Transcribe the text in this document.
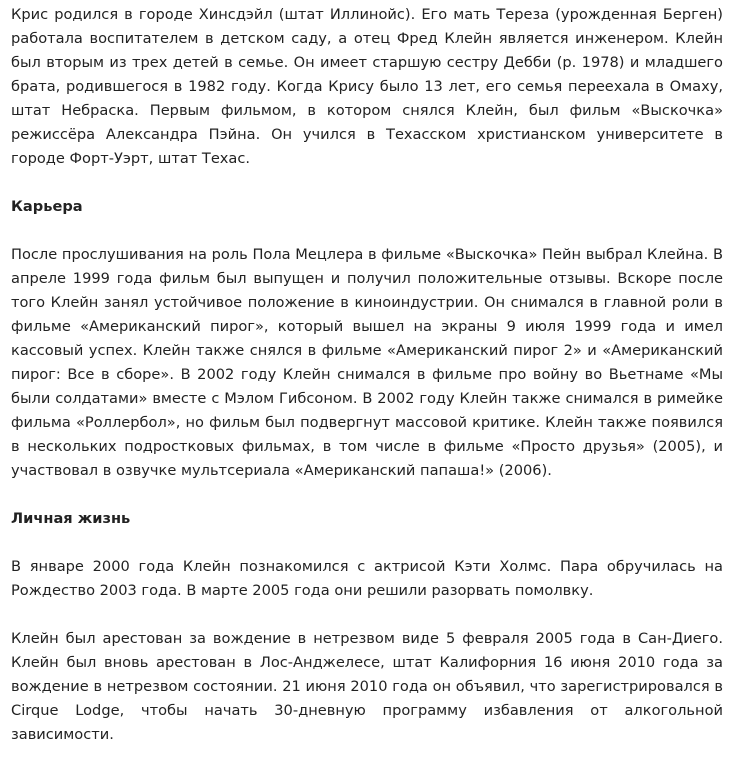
Крис родился в городе Хинсдэйл (штат Иллинойс). Его мать Тереза (урожденная Берген) работала воспитателем в детском саду, а отец Фред Клейн является инженером. Клейн был вторым из трех детей в семье. Он имеет старшую сестру Дебби (р. 1978) и младшего брата, родившегося в 1982 году. Когда Крису было 13 лет, его семья переехала в Омаху, штат Небраска. Первым фильмом, в котором снялся Клейн, был фильм «Выскочка» режиссёра Александра Пэйна. Он учился в Техасском христианском университете в городе Форт-Уэрт, штат Техас.

Карьера

После прослушивания на роль Пола Мецлера в фильме «Выскочка» Пейн выбрал Клейна. В апреле 1999 года фильм был выпущен и получил положительные отзывы. Вскоре после того Клейн занял устойчивое положение в киноиндустрии. Он снимался в главной роли в фильме «Американский пирог», который вышел на экраны 9 июля 1999 года и имел кассовый успех. Клейн также снялся в фильме «Американский пирог 2» и «Американский пирог: Все в сборе». В 2002 году Клейн снимался в фильме про войну во Вьетнаме «Мы были солдатами» вместе с Мэлом Гибсоном. В 2002 году Клейн также снимался в римейке фильма «Роллербол», но фильм был подвергнут массовой критике. Клейн также появился в нескольких подростковых фильмах, в том числе в фильме «Просто друзья» (2005), и участвовал в озвучке мультсериала «Американский папаша!» (2006).

Личная жизнь

В январе 2000 года Клейн познакомился с актрисой Кэти Холмс. Пара обручилась на Рождество 2003 года. В марте 2005 года они решили разорвать помолвку.

Клейн был арестован за вождение в нетрезвом виде 5 февраля 2005 года в Сан-Диего. Клейн был вновь арестован в Лос-Анджелесе, штат Калифорния 16 июня 2010 года за вождение в нетрезвом состоянии. 21 июня 2010 года он объявил, что зарегистрировался в Cirque Lodge, чтобы начать 30-дневную программу избавления от алкогольной зависимости.
